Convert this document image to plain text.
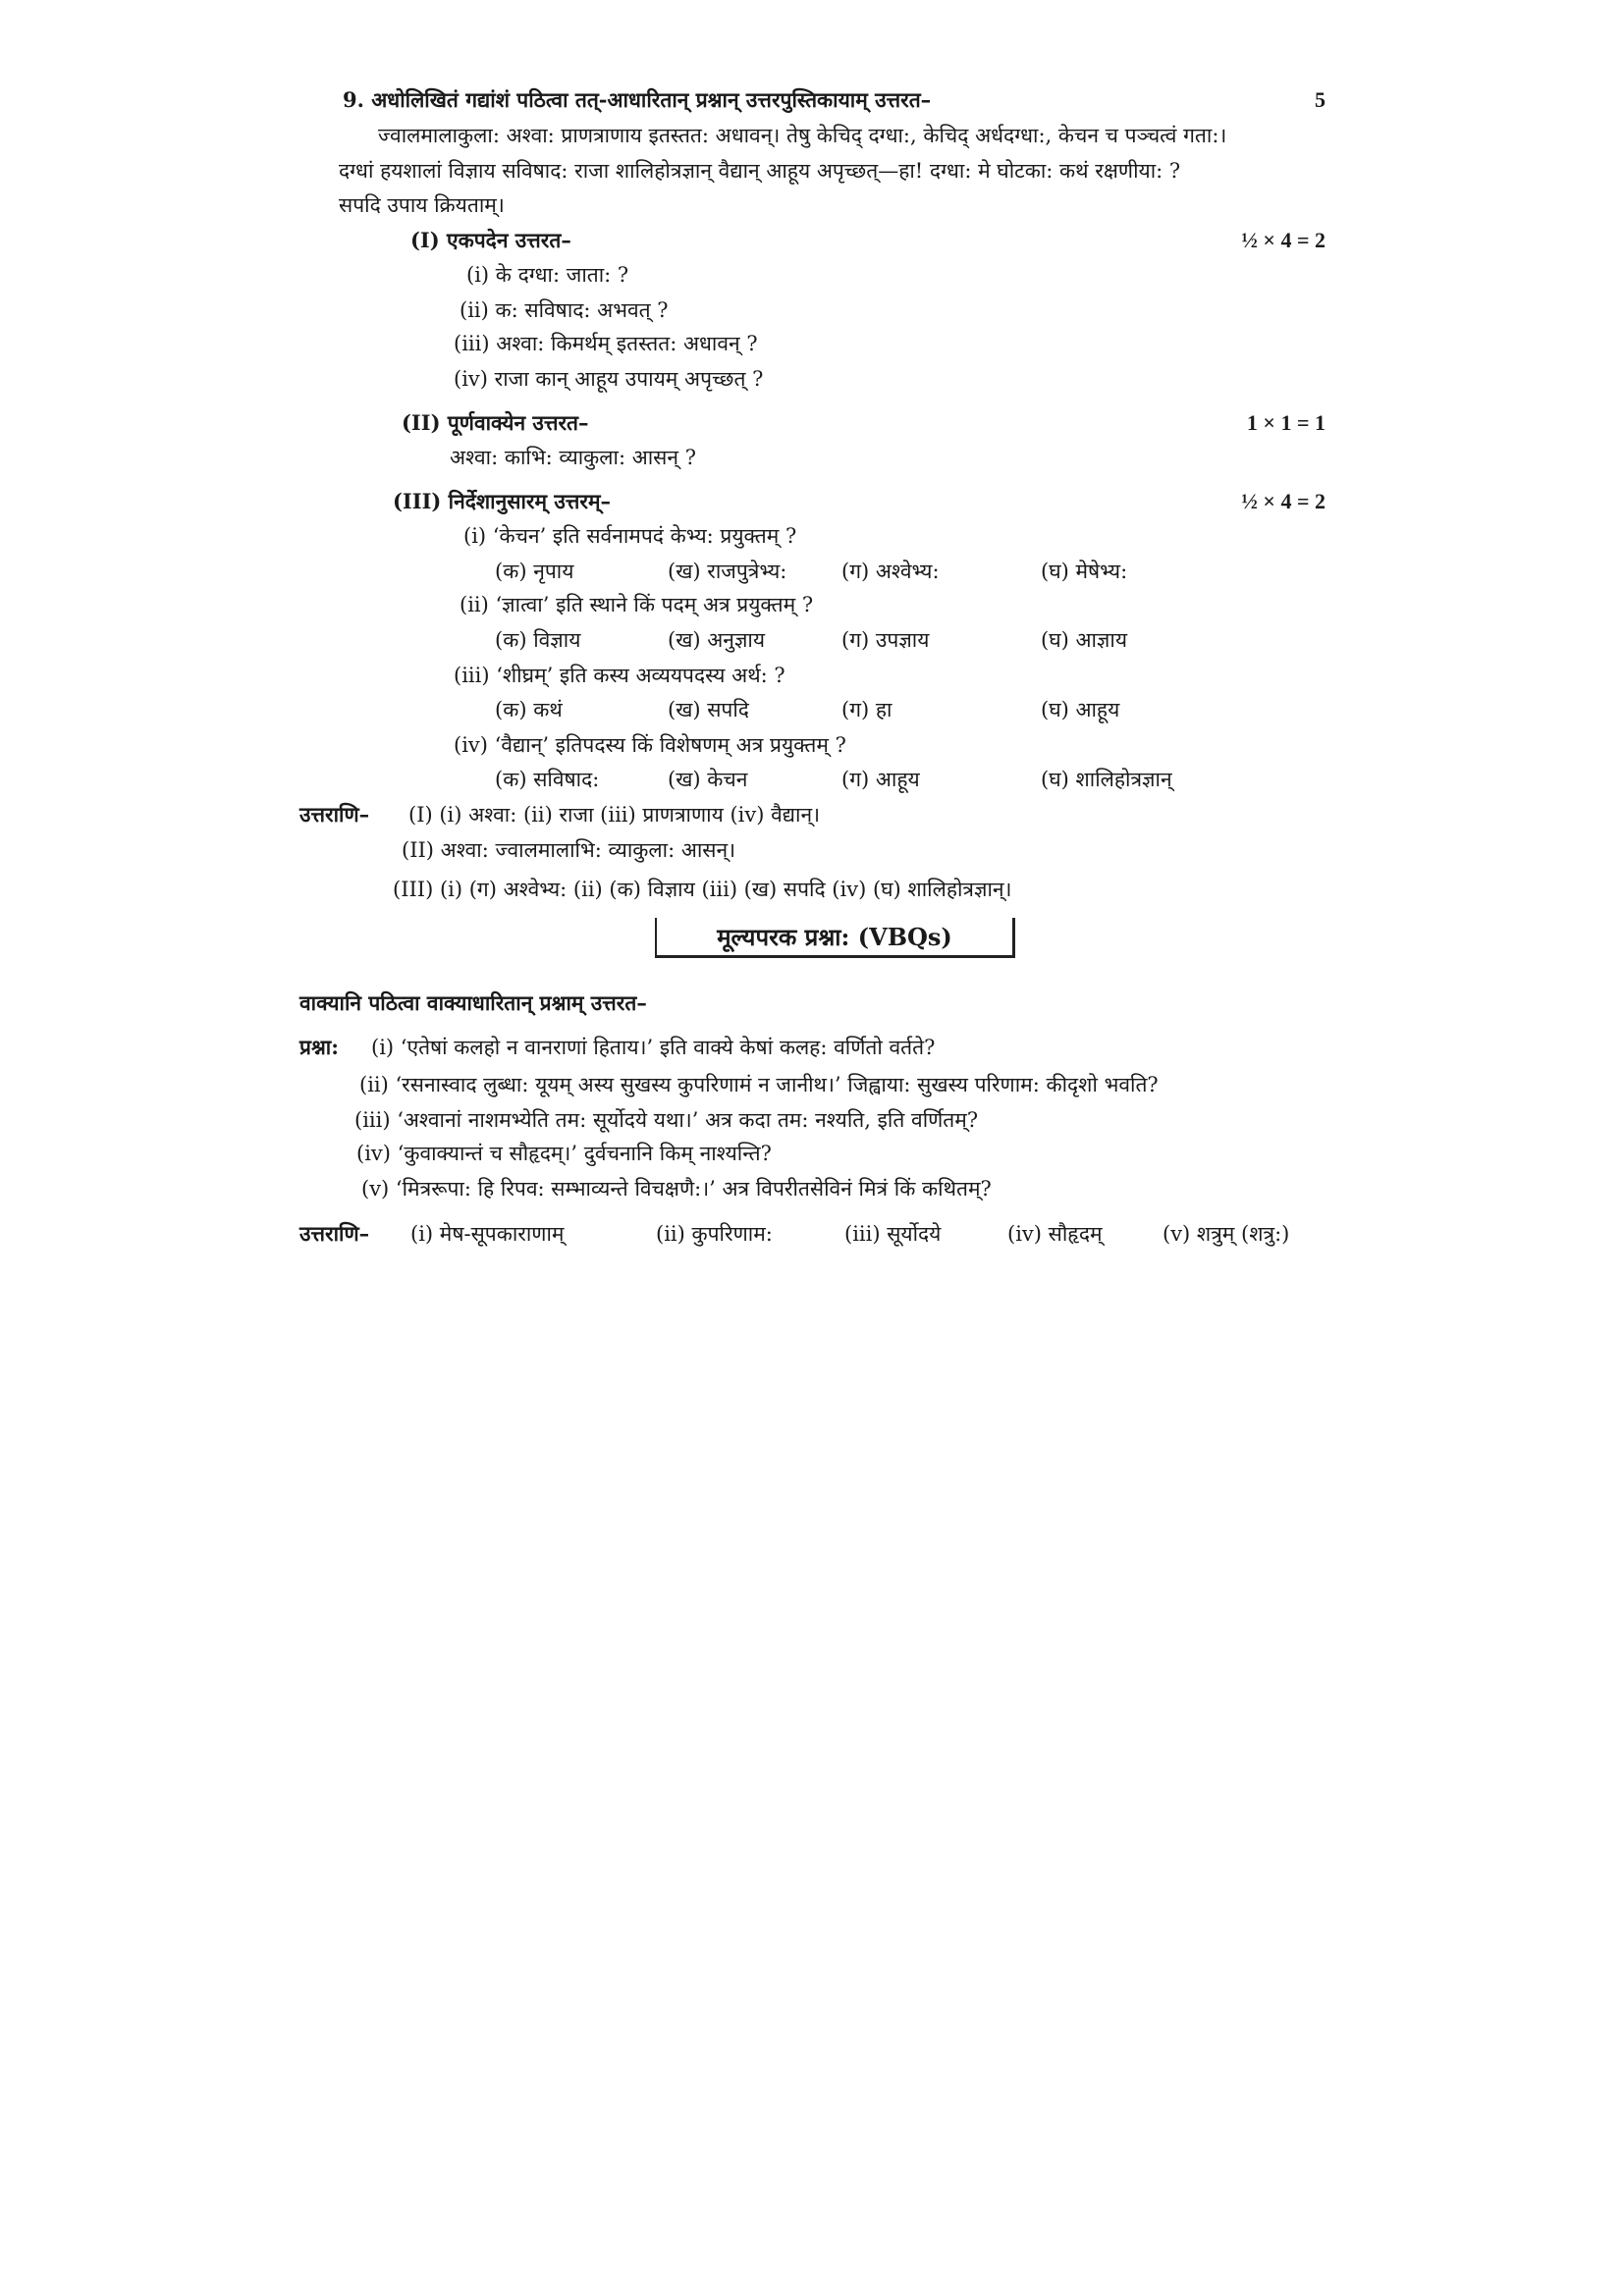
9. अधोलिखितं गद्यांशं पठित्वा तत्-आधारितान् प्रश्नान् उत्तरपुस्तिकायाम् उत्तरत–	5
ज्वालमालाकुला: अश्वा: प्राणत्राणाय इतस्तत: अधावन्। तेषु केचिद् दग्धा:, केचिद् अर्धदग्धा:, केचन च पञ्चत्वं गता:।
दग्धां हयशालां विज्ञाय सविषाद: राजा शालिहोत्रज्ञान् वैद्यान् आहूय अपृच्छत्—हा! दग्धा: मे घोटका: कथं रक्षणीया: ?
सपदि उपाय क्रियताम्।
(I) एकपदेन उत्तरत–	½ × 4 = 2
(i) के दग्धा: जाता: ?
(ii) क: सविषाद: अभवत् ?
(iii) अश्वा: किमर्थम् इतस्तत: अधावन् ?
(iv) राजा कान् आहूय उपायम् अपृच्छत् ?
(II) पूर्णवाक्येन उत्तरत–	1 × 1 = 1
अश्वा: काभि: व्याकुला: आसन् ?
(III) निर्देशानुसारम् उत्तरम्–	½ × 4 = 2
(i) ‘केचन’ इति सर्वनामपदं केभ्य: प्रयुक्तम् ?
(क) नृपाय	(ख) राजपुत्रेभ्य:	(ग) अश्वेभ्य:	(घ) मेषेभ्य:
(ii) ‘ज्ञात्वा’ इति स्थाने किं पदम् अत्र प्रयुक्तम् ?
(क) विज्ञाय	(ख) अनुज्ञाय	(ग) उपज्ञाय	(घ) आज्ञाय
(iii) ‘शीघ्रम्’ इति कस्य अव्ययपदस्य अर्थ: ?
(क) कथं	(ख) सपदि	(ग) हा	(घ) आहूय
(iv) ‘वैद्यान्’ इतिपदस्य किं विशेषणम् अत्र प्रयुक्तम् ?
(क) सविषाद:	(ख) केचन	(ग) आहूय	(घ) शालिहोत्रज्ञान्
उत्तराणि– (I) (i) अश्वा: (ii) राजा (iii) प्राणत्राणाय (iv) वैद्यान्।
(II) अश्वा: ज्वालमालाभि: व्याकुला: आसन्।
(III) (i) (ग) अश्वेभ्य: (ii) (क) विज्ञाय (iii) (ख) सपदि (iv) (घ) शालिहोत्रज्ञान्।
मूल्यपरक प्रश्ना: (VBQs)
वाक्यानि पठित्वा वाक्याधारितान् प्रश्नाम् उत्तरत–
प्रश्ना: (i) ‘एतेषां कलहो न वानराणां हिताय।’ इति वाक्ये केषां कलह: वर्णितो वर्तते?
(ii) ‘रसनास्वाद लुब्धा: यूयम् अस्य सुखस्य कुपरिणामं न जानीथ।’ जिह्वाया: सुखस्य परिणाम: कीदृशो भवति?
(iii) ‘अश्वानां नाशमभ्येति तम: सूर्योदये यथा।’ अत्र कदा तम: नश्यति, इति वर्णितम्?
(iv) ‘कुवाक्यान्तं च सौहृदम्।’ दुर्वचनानि किम् नाश्यन्ति?
(v) ‘मित्ररूपा: हि रिपव: सम्भाव्यन्ते विचक्षणै:।’ अत्र विपरीतसेविनं मित्रं किं कथितम्?
उत्तराणि– (i) मेष-सूपकाराणाम्	(ii) कुपरिणाम:	(iii) सूर्योदये	(iv) सौहृदम्	(v) शत्रुम् (शत्रु:)
